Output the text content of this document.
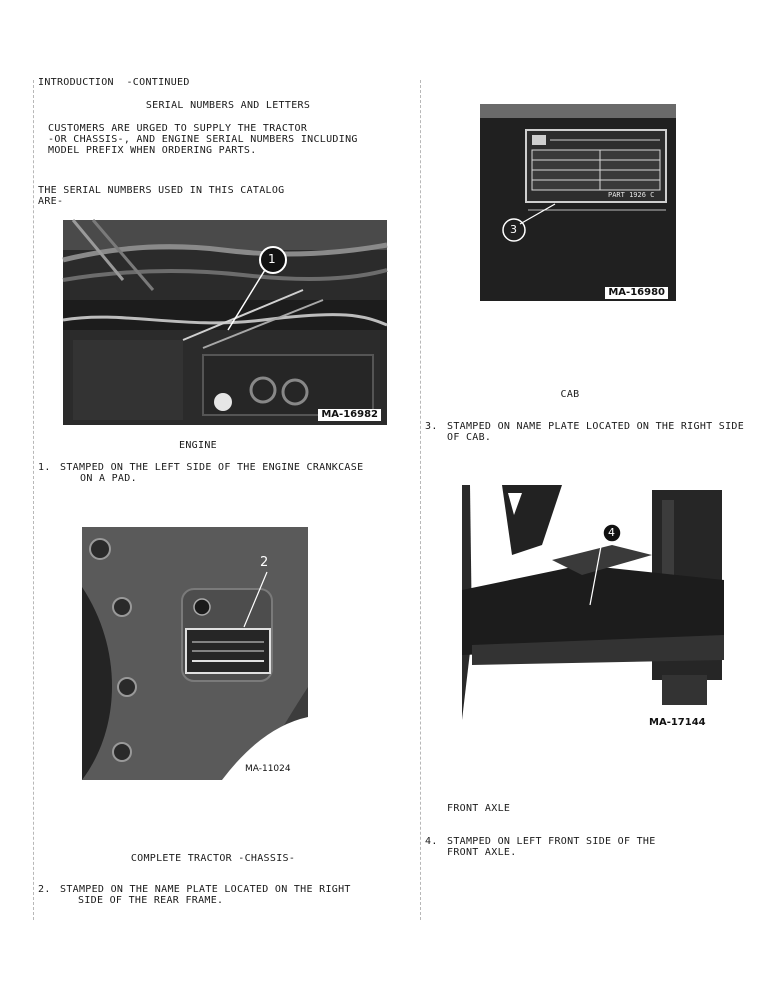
INTRODUCTION  -CONTINUED
SERIAL NUMBERS AND LETTERS
CUSTOMERS ARE URGED TO SUPPLY THE TRACTOR
-OR CHASSIS-, AND ENGINE SERIAL NUMBERS INCLUDING
MODEL PREFIX WHEN ORDERING PARTS.
THE SERIAL NUMBERS USED IN THIS CATALOG
ARE-
1
MA-16982
ENGINE
1. STAMPED ON THE LEFT SIDE OF THE ENGINE CRANKCASE
ON A PAD.
2
MA-11024
COMPLETE TRACTOR -CHASSIS-
2. STAMPED ON THE NAME PLATE LOCATED ON THE RIGHT
SIDE OF THE REAR FRAME.
PART 1926 C
3
MA-16980
CAB
3. STAMPED ON NAME PLATE LOCATED ON THE RIGHT SIDE
OF CAB.
4
MA-17144
FRONT AXLE
4. STAMPED ON LEFT FRONT SIDE OF THE
FRONT AXLE.
